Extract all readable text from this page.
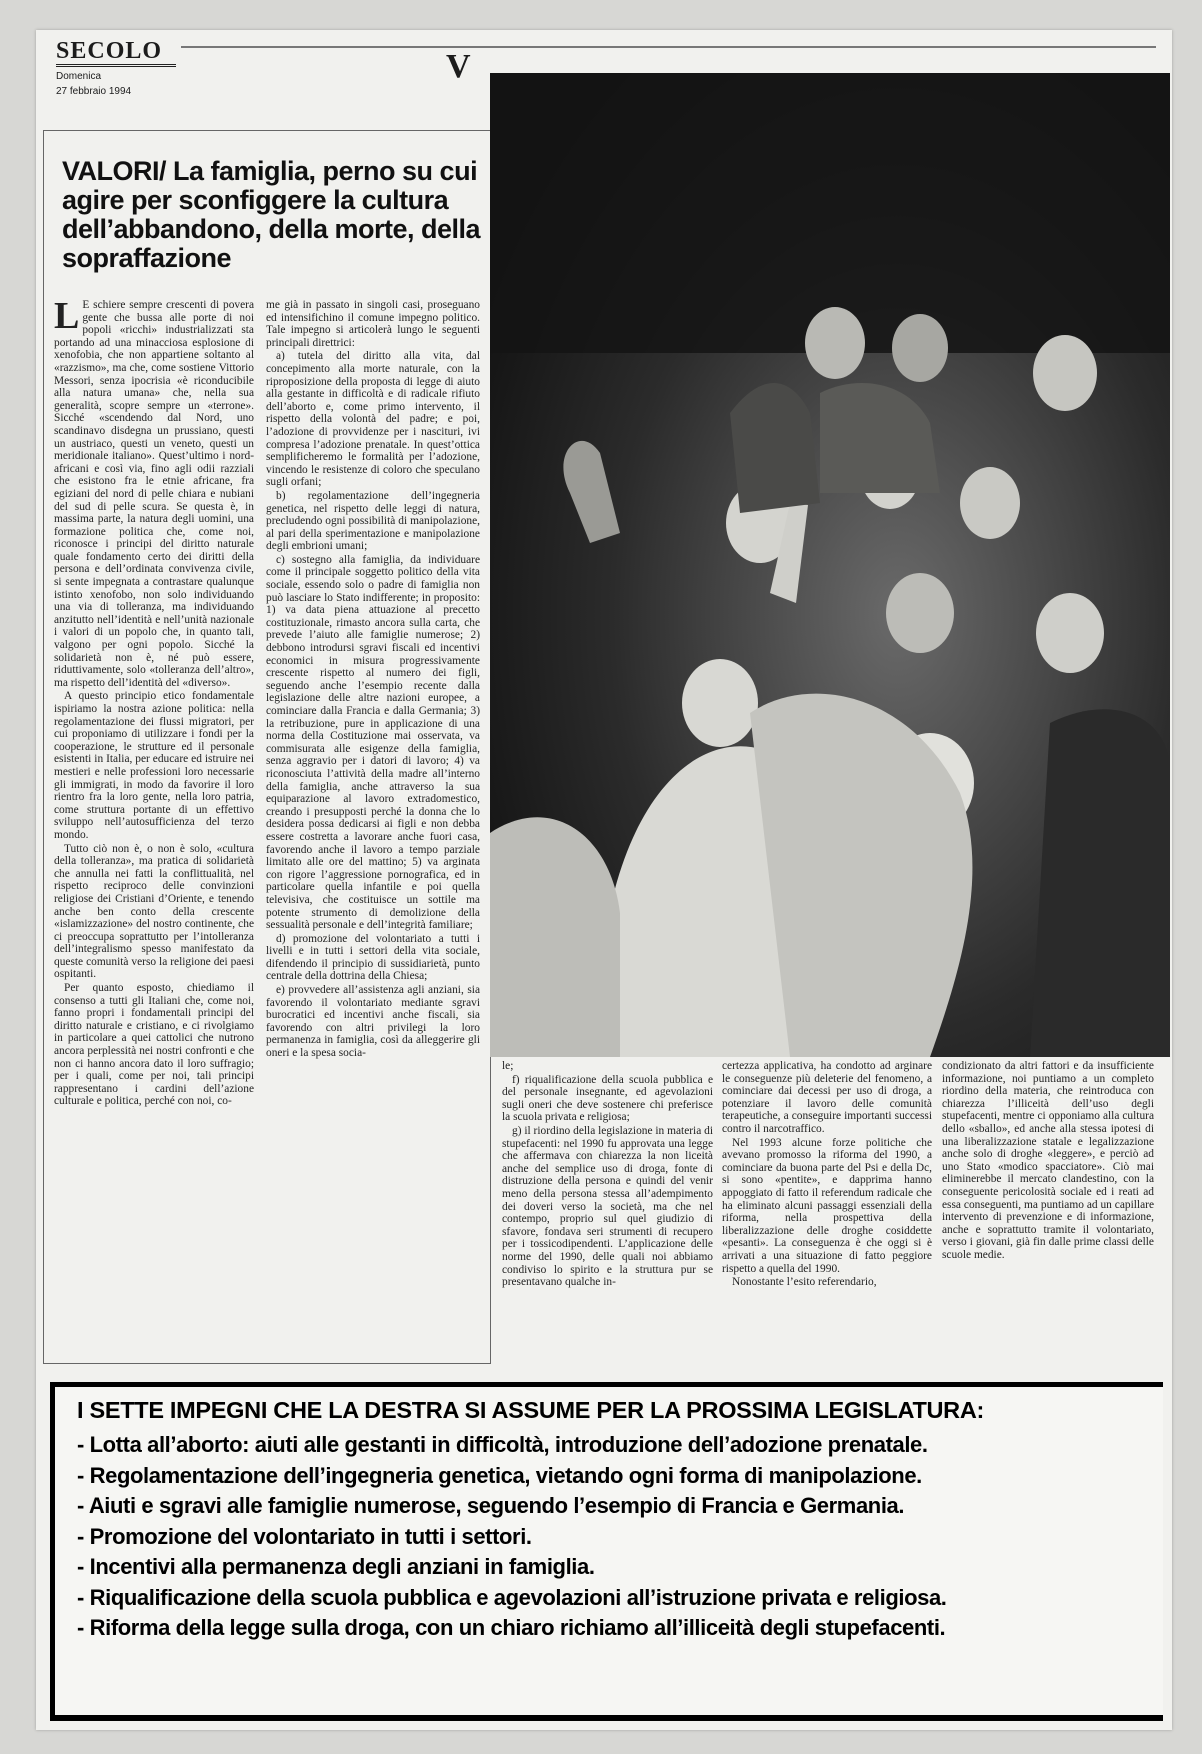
SECOLO
Domenica
27 febbraio 1994
V
VALORI/ La famiglia, perno su cui agire per sconfiggere la cultura dell’abbandono, della morte, della sopraffazione

L E schiere sempre crescenti di povera gente che bussa alle porte di noi popoli «ricchi» industrializzati sta portando ad una minacciosa esplosione di xenofobia, che non appartiene soltanto al «razzismo», ma che, come sostiene Vittorio Messori, senza ipocrisia «è riconducibile alla natura umana» che, nella sua generalità, scopre sempre un «terrone». Sicché «scendendo dal Nord, uno scandinavo disdegna un prussiano, questi un austriaco, questi un veneto, questi un meridionale italiano». Quest’ultimo i nord-africani e così via, fino agli odii razziali che esistono fra le etnie africane, fra egiziani del nord di pelle chiara e nubiani del sud di pelle scura. Se questa è, in massima parte, la natura degli uomini, una formazione politica che, come noi, riconosce i principi del diritto naturale quale fondamento certo dei diritti della persona e dell’ordinata convivenza civile, si sente impegnata a contrastare qualunque istinto xenofobo, non solo individuando una via di tolleranza, ma individuando anzitutto nell’identità e nell’unità nazionale i valori di un popolo che, in quanto tali, valgono per ogni popolo. Sicché la solidarietà non è, né può essere, riduttivamente, solo «tolleranza dell’altro», ma rispetto dell’identità del «diverso».

A questo principio etico fondamentale ispiriamo la nostra azione politica: nella regolamentazione dei flussi migratori, per cui proponiamo di utilizzare i fondi per la cooperazione, le strutture ed il personale esistenti in Italia, per educare ed istruire nei mestieri e nelle professioni loro necessarie gli immigrati, in modo da favorire il loro rientro fra la loro gente, nella loro patria, come struttura portante di un effettivo sviluppo nell’autosufficienza del terzo mondo.

Tutto ciò non è, o non è solo, «cultura della tolleranza», ma pratica di solidarietà che annulla nei fatti la conflittualità, nel rispetto reciproco delle convinzioni religiose dei Cristiani d’Oriente, e tenendo anche ben conto della crescente «islamizzazione» del nostro continente, che ci preoccupa soprattutto per l’intolleranza dell’integralismo spesso manifestato da queste comunità verso la religione dei paesi ospitanti.

Per quanto esposto, chiediamo il consenso a tutti gli Italiani che, come noi, fanno propri i fondamentali principi del diritto naturale e cristiano, e ci rivolgiamo in particolare a quei cattolici che nutrono ancora perplessità nei nostri confronti e che non ci hanno ancora dato il loro suffragio; per i quali, come per noi, tali principi rappresentano i cardini dell’azione culturale e politica, perché con noi, co-

me già in passato in singoli casi, proseguano ed intensifichino il comune impegno politico. Tale impegno si articolerà lungo le seguenti principali direttrici:

a) tutela del diritto alla vita, dal concepimento alla morte naturale, con la riproposizione della proposta di legge di aiuto alla gestante in difficoltà e di radicale rifiuto dell’aborto e, come primo intervento, il rispetto della volontà del padre; e poi, l’adozione di provvidenze per i nascituri, ivi compresa l’adozione prenatale. In quest’ottica semplificheremo le formalità per l’adozione, vincendo le resistenze di coloro che speculano sugli orfani;

b) regolamentazione dell’ingegneria genetica, nel rispetto delle leggi di natura, precludendo ogni possibilità di manipolazione, al pari della sperimentazione e manipolazione degli embrioni umani;

c) sostegno alla famiglia, da individuare come il principale soggetto politico della vita sociale, essendo solo o padre di famiglia non può lasciare lo Stato indifferente; in proposito: 1) va data piena attuazione al precetto costituzionale, rimasto ancora sulla carta, che prevede l’aiuto alle famiglie numerose; 2) debbono introdursi sgravi fiscali ed incentivi economici in misura progressivamente crescente rispetto al numero dei figli, seguendo anche l’esempio recente dalla legislazione delle altre nazioni europee, a cominciare dalla Francia e dalla Germania; 3) la retribuzione, pure in applicazione di una norma della Costituzione mai osservata, va commisurata alle esigenze della famiglia, senza aggravio per i datori di lavoro; 4) va riconosciuta l’attività della madre all’interno della famiglia, anche attraverso la sua equiparazione al lavoro extradomestico, creando i presupposti perché la donna che lo desidera possa dedicarsi ai figli e non debba essere costretta a lavorare anche fuori casa, favorendo anche il lavoro a tempo parziale limitato alle ore del mattino; 5) va arginata con rigore l’aggressione pornografica, ed in particolare quella infantile e poi quella televisiva, che costituisce un sottile ma potente strumento di demolizione della sessualità personale e dell’integrità familiare;

d) promozione del volontariato a tutti i livelli e in tutti i settori della vita sociale, difendendo il principio di sussidiarietà, punto centrale della dottrina della Chiesa;

e) provvedere all’assistenza agli anziani, sia favorendo il volontariato mediante sgravi burocratici ed incentivi anche fiscali, sia favorendo con altri privilegi la loro permanenza in famiglia, così da alleggerire gli oneri e la spesa socia-

le;

f) riqualificazione della scuola pubblica e del personale insegnante, ed agevolazioni sugli oneri che deve sostenere chi preferisce la scuola privata e religiosa;

g) il riordino della legislazione in materia di stupefacenti: nel 1990 fu approvata una legge che affermava con chiarezza la non liceità anche del semplice uso di droga, fonte di distruzione della persona e quindi del venir meno della persona stessa all’adempimento dei doveri verso la società, ma che nel contempo, proprio sul quel giudizio di sfavore, fondava seri strumenti di recupero per i tossicodipendenti. L’applicazione delle norme del 1990, delle quali noi abbiamo condiviso lo spirito e la struttura pur se presentavano qualche in-

certezza applicativa, ha condotto ad arginare le conseguenze più deleterie del fenomeno, a cominciare dai decessi per uso di droga, a potenziare il lavoro delle comunità terapeutiche, a conseguire importanti successi contro il narcotraffico.

Nel 1993 alcune forze politiche che avevano promosso la riforma del 1990, a cominciare da buona parte del Psi e della Dc, si sono «pentite», e dapprima hanno appoggiato di fatto il referendum radicale che ha eliminato alcuni passaggi essenziali della riforma, nella prospettiva della liberalizzazione delle droghe cosiddette «pesanti». La conseguenza è che oggi si è arrivati a una situazione di fatto peggiore rispetto a quella del 1990.

Nonostante l’esito referendario,

condizionato da altri fattori e da insufficiente informazione, noi puntiamo a un completo riordino della materia, che reintroduca con chiarezza l’illiceità dell’uso degli stupefacenti, mentre ci opponiamo alla cultura dello «sballo», ed anche alla stessa ipotesi di una liberalizzazione statale e legalizzazione anche solo di droghe «leggere», e perciò ad uno Stato «modico spacciatore». Ciò mai eliminerebbe il mercato clandestino, con la conseguente pericolosità sociale ed i reati ad essa conseguenti, ma puntiamo ad un capillare intervento di prevenzione e di informazione, anche e soprattutto tramite il volontariato, verso i giovani, già fin dalle prime classi delle scuole medie.

I SETTE IMPEGNI CHE LA DESTRA SI ASSUME PER LA PROSSIMA LEGISLATURA:
- Lotta all’aborto: aiuti alle gestanti in difficoltà, introduzione dell’adozione prenatale.
- Regolamentazione dell’ingegneria genetica, vietando ogni forma di manipolazione.
- Aiuti e sgravi alle famiglie numerose, seguendo l’esempio di Francia e Germania.
- Promozione del volontariato in tutti i settori.
- Incentivi alla permanenza degli anziani in famiglia.
- Riqualificazione della scuola pubblica e agevolazioni all’istruzione privata e religiosa.
- Riforma della legge sulla droga, con un chiaro richiamo all’illiceità degli stupefacenti.
